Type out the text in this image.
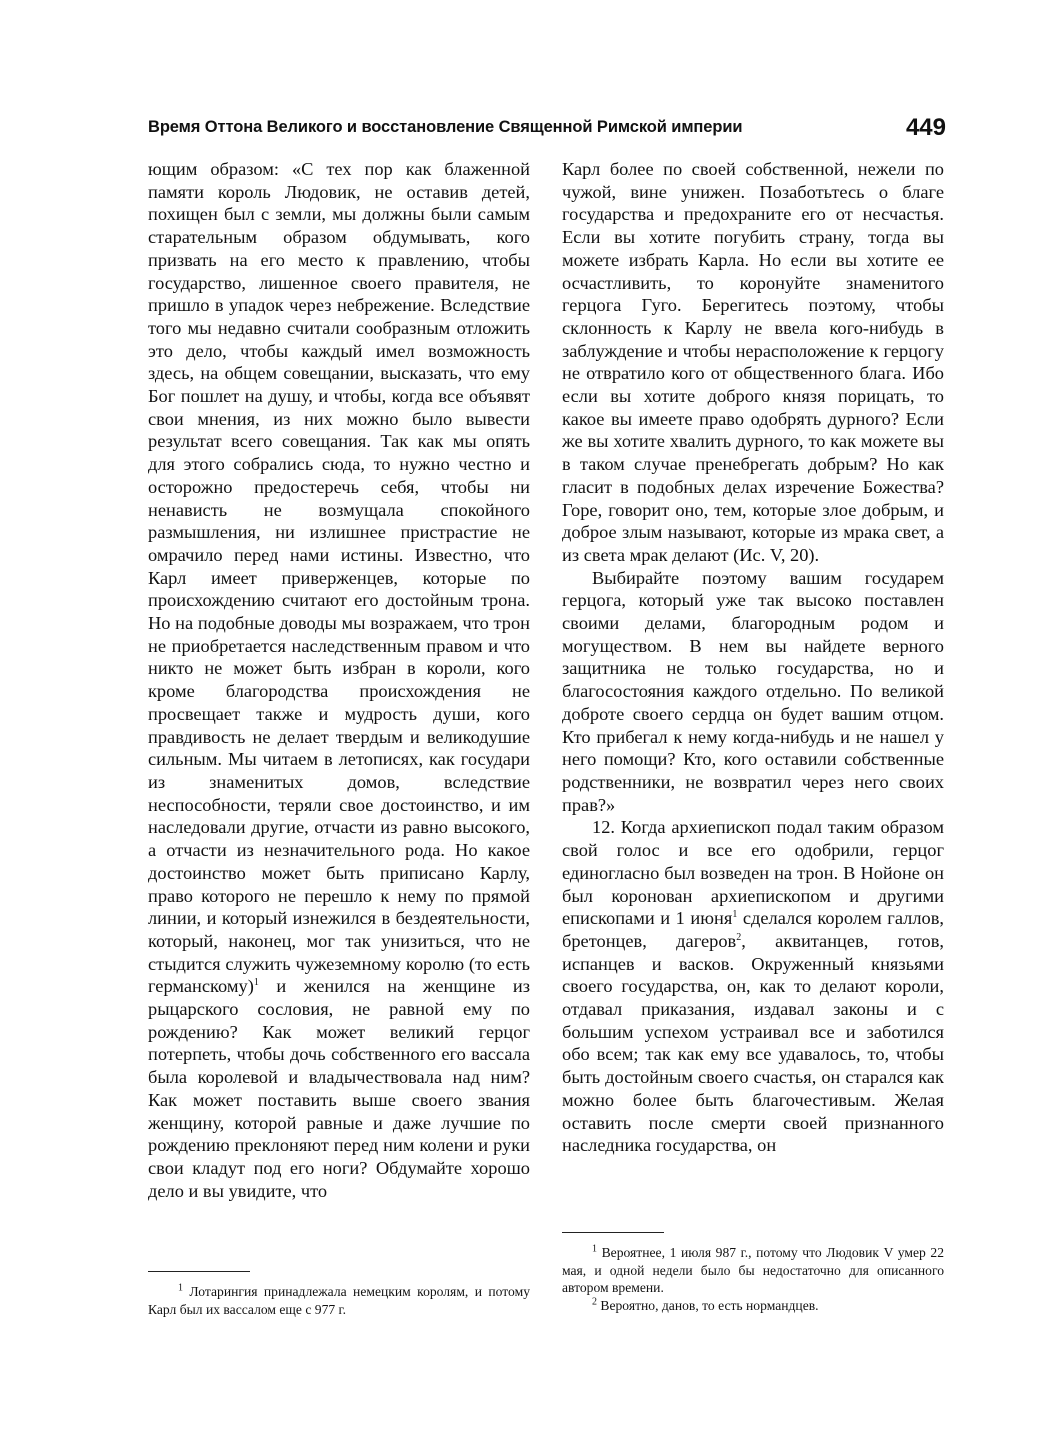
Время Оттона Великого и восстановление Священной Римской империи	449

ющим образом: «С тех пор как блаженной памяти король Людовик, не оставив детей, похищен был с земли, мы должны были самым старательным образом обдумывать, кого призвать на его место к правлению, чтобы государство, лишенное своего правителя, не пришло в упадок через небрежение. Вследствие того мы недавно считали сообразным отложить это дело, чтобы каждый имел возможность здесь, на общем совещании, высказать, что ему Бог пошлет на душу, и чтобы, когда все объявят свои мнения, из них можно было вывести результат всего совещания. Так как мы опять для этого собрались сюда, то нужно честно и осторожно предостеречь себя, чтобы ни ненависть не возмущала спокойного размышления, ни излишнее пристрастие не омрачило перед нами истины. Известно, что Карл имеет приверженцев, которые по происхождению считают его достойным трона. Но на подобные доводы мы возражаем, что трон не приобретается наследственным правом и что никто не может быть избран в короли, кого кроме благородства происхождения не просвещает также и мудрость души, кого правдивость не делает твердым и великодушие сильным. Мы читаем в летописях, как государи из знаменитых домов, вследствие неспособности, теряли свое достоинство, и им наследовали другие, отчасти из равно высокого, а отчасти из незначительного рода. Но какое достоинство может быть приписано Карлу, право которого не перешло к нему по прямой линии, и который изнежился в бездеятельности, который, наконец, мог так унизиться, что не стыдится служить чужеземному королю (то есть германскому)$^1$ и женился на женщине из рыцарского сословия, не равной ему по рождению? Как может великий герцог потерпеть, чтобы дочь собственного его вассала была королевой и владычествовала над ним? Как может поставить выше своего звания женщину, которой равные и даже лучшие по рождению преклоняют перед ним колени и руки свои кладут под его ноги? Обдумайте хорошо дело и вы увидите, что

Карл более по своей собственной, нежели по чужой, вине унижен. Позаботьтесь о благе государства и предохраните его от несчастья. Если вы хотите погубить страну, тогда вы можете избрать Карла. Но если вы хотите ее осчастливить, то коронуйте знаменитого герцога Гуго. Берегитесь поэтому, чтобы склонность к Карлу не ввела кого-нибудь в заблуждение и чтобы нерасположение к герцогу не отвратило кого от общественного блага. Ибо если вы хотите доброго князя порицать, то какое вы имеете право одобрять дурного? Если же вы хотите хвалить дурного, то как можете вы в таком случае пренебрегать добрым? Но как гласит в подобных делах изречение Божества? Горе, говорит оно, тем, которые злое добрым, и доброе злым называют, которые из мрака свет, а из света мрак делают (Ис. V, 20).

Выбирайте поэтому вашим государем герцога, который уже так высоко поставлен своими делами, благородным родом и могуществом. В нем вы найдете верного защитника не только государства, но и благосостояния каждого отдельно. По великой доброте своего сердца он будет вашим отцом. Кто прибегал к нему когда-нибудь и не нашел у него помощи? Кто, кого оставили собственные родственники, не возвратил через него своих прав?»

12. Когда архиепископ подал таким образом свой голос и все его одобрили, герцог единогласно был возведен на трон. В Нойоне он был коронован архиепископом и другими епископами и 1 июня$^1$ сделался королем галлов, бретонцев, дагеров$^2$, аквитанцев, готов, испанцев и васков. Окруженный князьями своего государства, он, как то делают короли, отдавал приказания, издавал законы и с большим успехом устраивал все и заботился обо всем; так как ему все удавалось, то, чтобы быть достойным своего счастья, он старался как можно более быть благочестивым. Желая оставить после смерти своей признанного наследника государства, он

$^1$ Лотарингия принадлежала немецким королям, и потому Карл был их вассалом еще с 977 г.

$^1$ Вероятнее, 1 июля 987 г., потому что Людовик V умер 22 мая, и одной недели было бы недостаточно для описанного автором времени.

$^2$ Вероятно, данов, то есть нормандцев.
